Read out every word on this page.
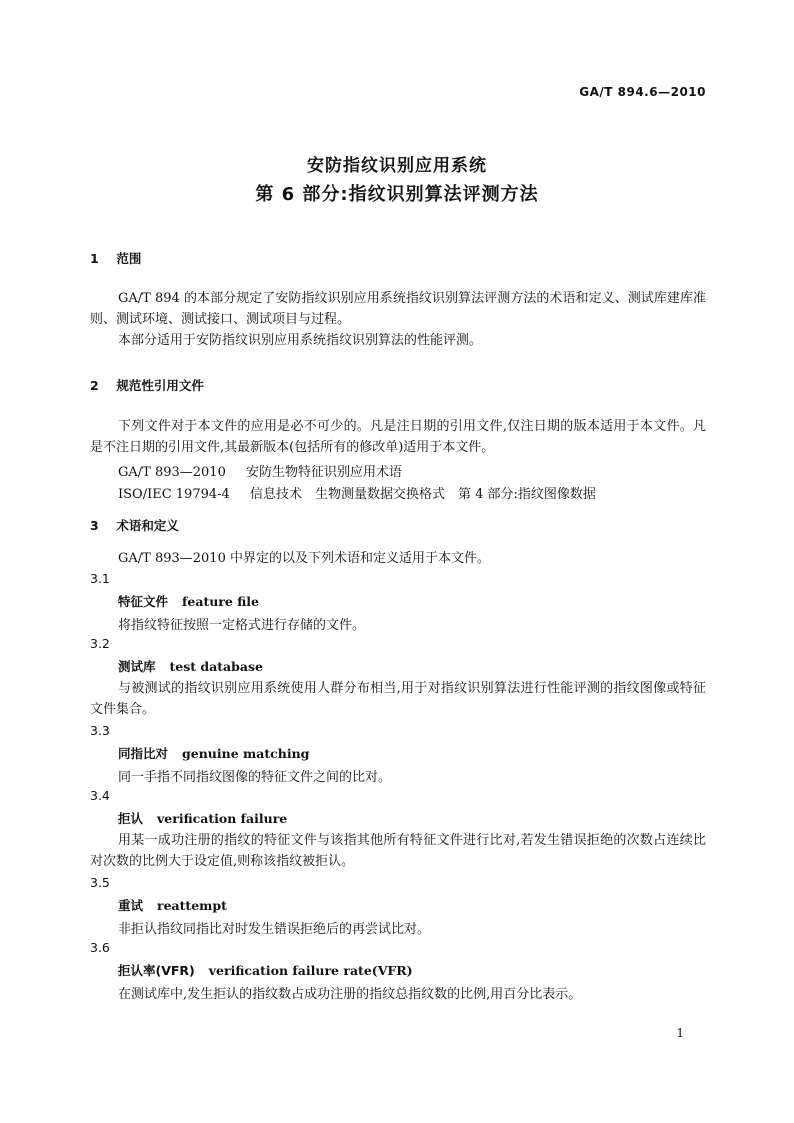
GA/T 894.6—2010
安防指纹识别应用系统
第 6 部分:指纹识别算法评测方法
1 范围
GA/T 894 的本部分规定了安防指纹识别应用系统指纹识别算法评测方法的术语和定义、测试库建库准则、测试环境、测试接口、测试项目与过程。
本部分适用于安防指纹识别应用系统指纹识别算法的性能评测。
2 规范性引用文件
下列文件对于本文件的应用是必不可少的。凡是注日期的引用文件,仅注日期的版本适用于本文件。凡是不注日期的引用文件,其最新版本(包括所有的修改单)适用于本文件。
GA/T 893—2010 安防生物特征识别应用术语
ISO/IEC 19794-4 信息技术　生物测量数据交换格式　第 4 部分:指纹图像数据
3 术语和定义
GA/T 893—2010 中界定的以及下列术语和定义适用于本文件。
3.1
特征文件 feature file
将指纹特征按照一定格式进行存储的文件。
3.2
测试库 test database
与被测试的指纹识别应用系统使用人群分布相当,用于对指纹识别算法进行性能评测的指纹图像或特征文件集合。
3.3
同指比对 genuine matching
同一手指不同指纹图像的特征文件之间的比对。
3.4
拒认 verification failure
用某一成功注册的指纹的特征文件与该指其他所有特征文件进行比对,若发生错误拒绝的次数占连续比对次数的比例大于设定值,则称该指纹被拒认。
3.5
重试 reattempt
非拒认指纹同指比对时发生错误拒绝后的再尝试比对。
3.6
拒认率(VFR) verification failure rate(VFR)
在测试库中,发生拒认的指纹数占成功注册的指纹总指纹数的比例,用百分比表示。
1
